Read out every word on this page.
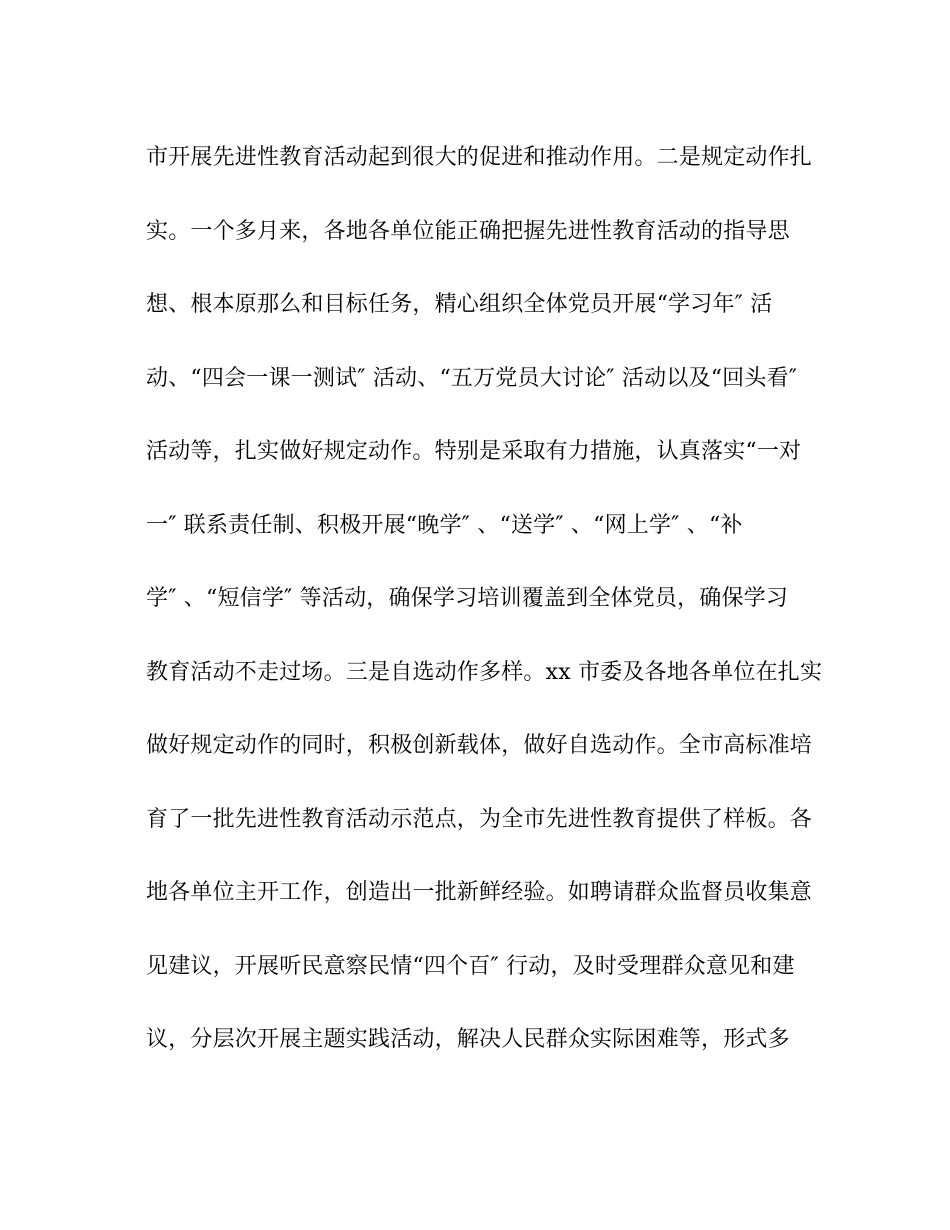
市开展先进性教育活动起到很大的促进和推动作用。二是规定动作扎
实。一个多月来，各地各单位能正确把握先进性教育活动的指导思
想、根本原那么和目标任务，精心组织全体党员开展“学习年″ 活
动、“四会一课一测试″ 活动、“五万党员大讨论″ 活动以及“回头看″
活动等，扎实做好规定动作。特别是采取有力措施，认真落实“一对
一″ 联系责任制、积极开展“晚学″ 、“送学″ 、“网上学″ 、“补
学″ 、“短信学″ 等活动，确保学习培训覆盖到全体党员，确保学习
教育活动不走过场。三是自选动作多样。xx 市委及各地各单位在扎实
做好规定动作的同时，积极创新载体，做好自选动作。全市高标准培
育了一批先进性教育活动示范点，为全市先进性教育提供了样板。各
地各单位主开工作，创造出一批新鲜经验。如聘请群众监督员收集意
见建议，开展听民意察民情“四个百″ 行动，及时受理群众意见和建
议，分层次开展主题实践活动，解决人民群众实际困难等，形式多
